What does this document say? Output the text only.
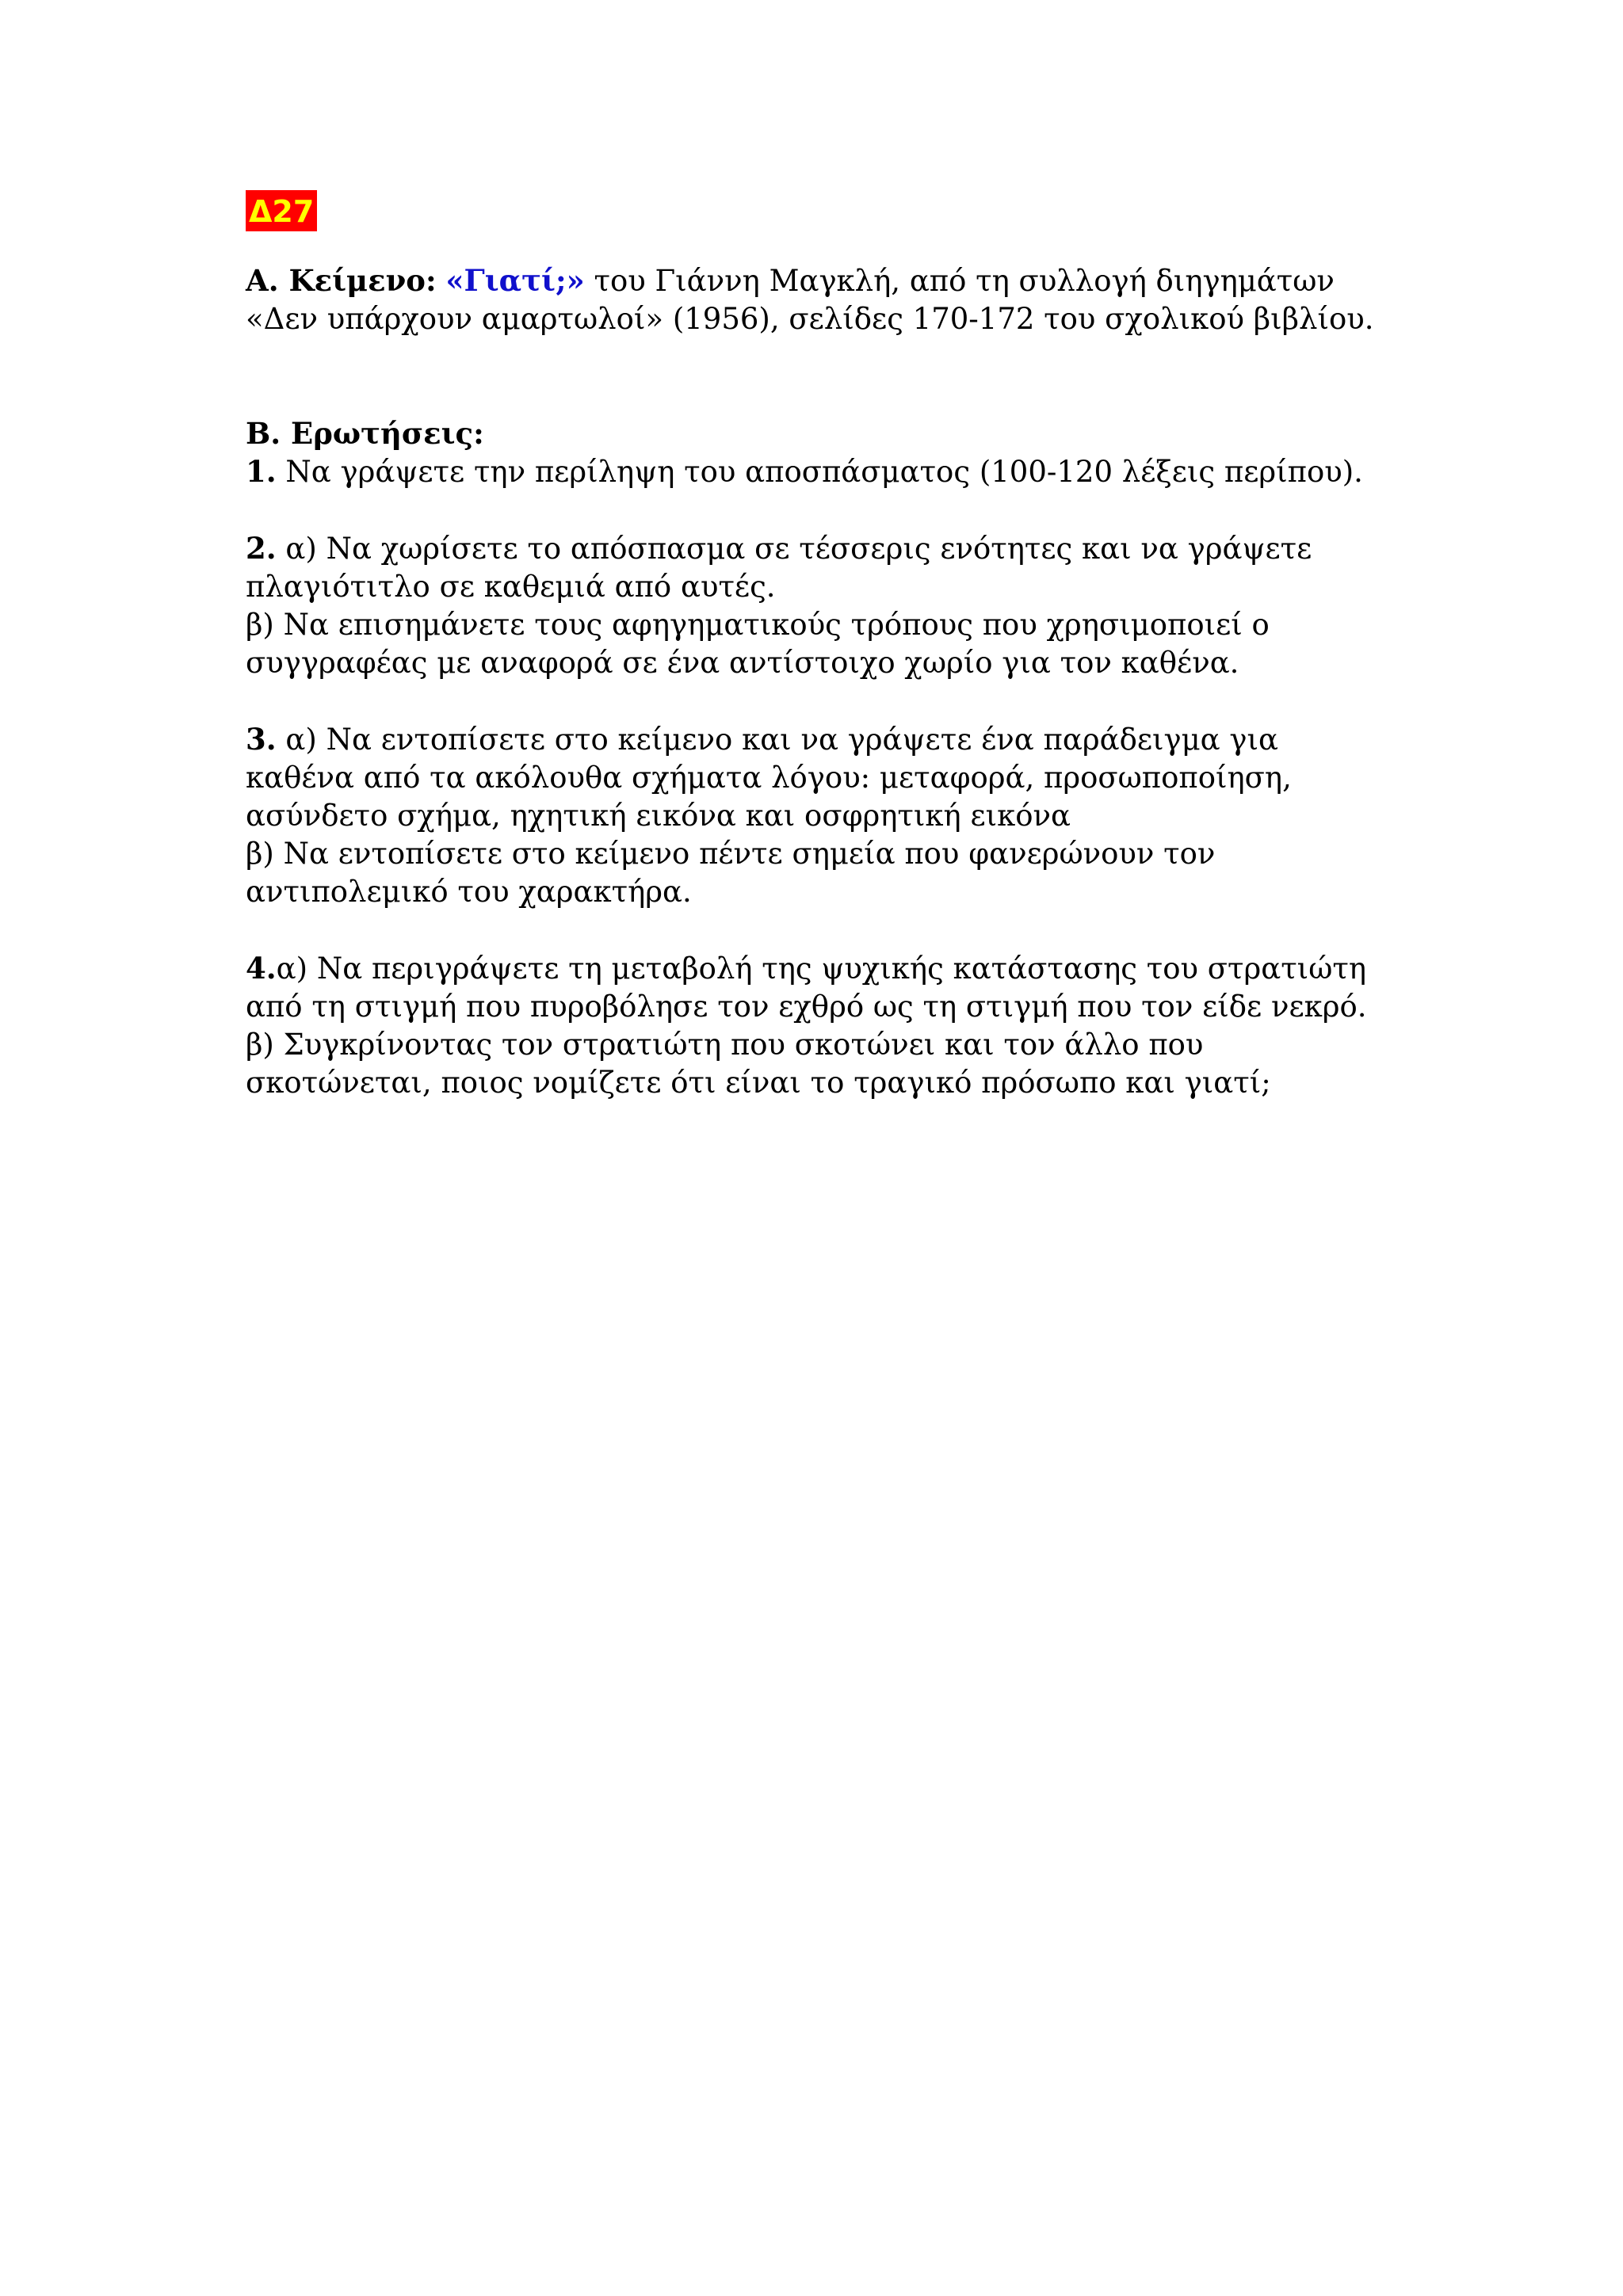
Δ27

Α. Κείμενο: «Γιατί;» του Γιάννη Μαγκλή, από τη συλλογή διηγημάτων «Δεν υπάρχουν αμαρτωλοί» (1956), σελίδες 170-172 του σχολικού βιβλίου.

Β. Ερωτήσεις:

1. Να γράψετε την περίληψη του αποσπάσματος (100-120 λέξεις περίπου).

2. α) Να χωρίσετε το απόσπασμα σε τέσσερις ενότητες και να γράψετε πλαγιότιτλο σε καθεμιά από αυτές.

β) Να επισημάνετε τους αφηγηματικούς τρόπους που χρησιμοποιεί ο συγγραφέας με αναφορά σε ένα αντίστοιχο χωρίο για τον καθένα.

3. α) Να εντοπίσετε στο κείμενο και να γράψετε ένα παράδειγμα για καθένα από τα ακόλουθα σχήματα λόγου: μεταφορά, προσωποποίηση, ασύνδετο σχήμα, ηχητική εικόνα και οσφρητική εικόνα

β) Να εντοπίσετε στο κείμενο πέντε σημεία που φανερώνουν τον αντιπολεμικό του χαρακτήρα.

4.α) Να περιγράψετε τη μεταβολή της ψυχικής κατάστασης του στρατιώτη από τη στιγμή που πυροβόλησε τον εχθρό ως τη στιγμή που τον είδε νεκρό.

β) Συγκρίνοντας τον στρατιώτη που σκοτώνει και τον άλλο που σκοτώνεται, ποιος νομίζετε ότι είναι το τραγικό πρόσωπο και γιατί;
